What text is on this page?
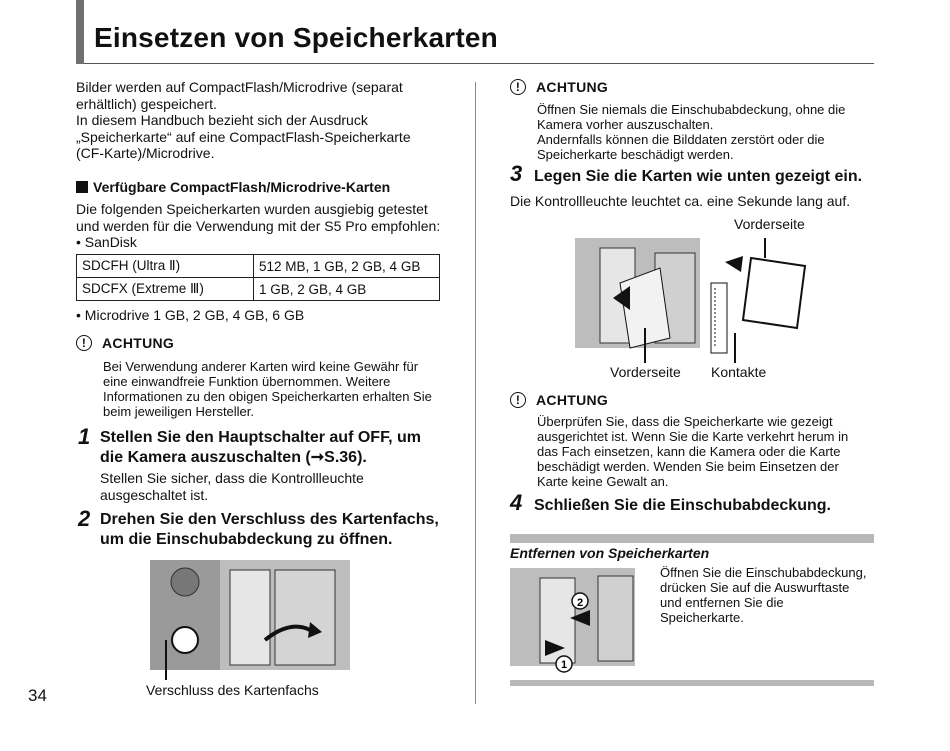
Einsetzen von Speicherkarten
Bilder werden auf CompactFlash/Microdrive (separat
erhältlich) gespeichert.
In diesem Handbuch bezieht sich der Ausdruck
„Speicherkarte“ auf eine CompactFlash-Speicherkarte
(CF-Karte)/Microdrive.
Verfügbare CompactFlash/Microdrive-Karten
Die folgenden Speicherkarten wurden ausgiebig getestet
und werden für die Verwendung mit der S5 Pro empfohlen:
• SanDisk
SDCFH (Ultra Ⅱ)	512 MB, 1 GB, 2 GB, 4 GB
SDCFX (Extreme Ⅲ)	1 GB, 2 GB, 4 GB
• Microdrive 1 GB, 2 GB, 4 GB, 6 GB
!	ACHTUNG
Bei Verwendung anderer Karten wird keine Gewähr für
eine einwandfreie Funktion übernommen. Weitere
Informationen zu den obigen Speicherkarten erhalten Sie
beim jeweiligen Hersteller.
1 Stellen Sie den Hauptschalter auf OFF, um
die Kamera auszuschalten (➞S.36).
Stellen Sie sicher, dass die Kontrollleuchte
ausgeschaltet ist.
2 Drehen Sie den Verschluss des Kartenfachs,
um die Einschubabdeckung zu öffnen.
Verschluss des Kartenfachs
34
!	ACHTUNG
Öffnen Sie niemals die Einschubabdeckung, ohne die
Kamera vorher auszuschalten.
Andernfalls können die Bilddaten zerstört oder die
Speicherkarte beschädigt werden.
3 Legen Sie die Karten wie unten gezeigt ein.
Die Kontrollleuchte leuchtet ca. eine Sekunde lang auf.
Vorderseite
Vorderseite Kontakte
!	ACHTUNG
Überprüfen Sie, dass die Speicherkarte wie gezeigt
ausgerichtet ist. Wenn Sie die Karte verkehrt herum in
das Fach einsetzen, kann die Kamera oder die Karte
beschädigt werden. Wenden Sie beim Einsetzen der
Karte keine Gewalt an.
4 Schließen Sie die Einschubabdeckung.
Entfernen von Speicherkarten
2
1
Öffnen Sie die Einschubabdeckung,
drücken Sie auf die Auswurftaste
und entfernen Sie die
Speicherkarte.
